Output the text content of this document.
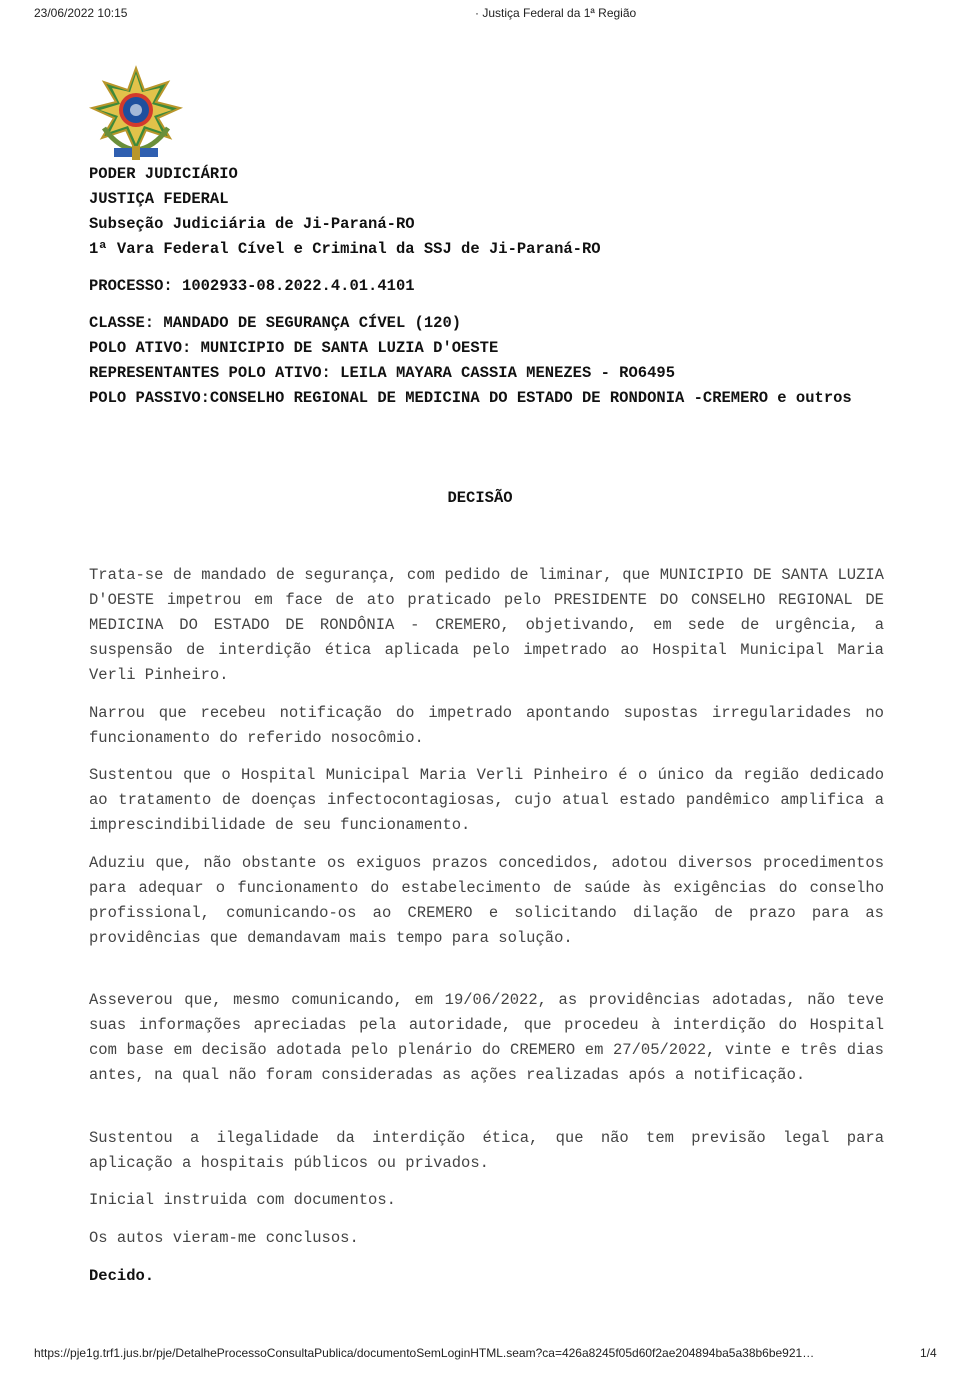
23/06/2022 10:15	· Justiça Federal da 1ª Região
PODER JUDICIÁRIO
JUSTIÇA FEDERAL
Subseção Judiciária de Ji-Paraná-RO
1ª Vara Federal Cível e Criminal da SSJ de Ji-Paraná-RO
PROCESSO: 1002933-08.2022.4.01.4101
CLASSE: MANDADO DE SEGURANÇA CÍVEL (120)
POLO ATIVO: MUNICIPIO DE SANTA LUZIA D'OESTE
REPRESENTANTES POLO ATIVO: LEILA MAYARA CASSIA MENEZES - RO6495
POLO PASSIVO:CONSELHO REGIONAL DE MEDICINA DO ESTADO DE RONDONIA -CREMERO e outros
DECISÃO

Trata-se de mandado de segurança, com pedido de liminar, que MUNICIPIO DE SANTA LUZIA D'OESTE impetrou em face de ato praticado pelo PRESIDENTE DO CONSELHO REGIONAL DE MEDICINA DO ESTADO DE RONDÔNIA - CREMERO, objetivando, em sede de urgência, a suspensão de interdição ética aplicada pelo impetrado ao Hospital Municipal Maria Verli Pinheiro.

Narrou que recebeu notificação do impetrado apontando supostas irregularidades no funcionamento do referido nosocômio.

Sustentou que o Hospital Municipal Maria Verli Pinheiro é o único da região dedicado ao tratamento de doenças infectocontagiosas, cujo atual estado pandêmico amplifica a imprescindibilidade de seu funcionamento.

Aduziu que, não obstante os exiguos prazos concedidos, adotou diversos procedimentos para adequar o funcionamento do estabelecimento de saúde às exigências do conselho profissional, comunicando-os ao CREMERO e solicitando dilação de prazo para as providências que demandavam mais tempo para solução.

Asseverou que, mesmo comunicando, em 19/06/2022, as providências adotadas, não teve suas informações apreciadas pela autoridade, que procedeu à interdição do Hospital com base em decisão adotada pelo plenário do CREMERO em 27/05/2022, vinte e três dias antes, na qual não foram consideradas as ações realizadas após a notificação.

Sustentou a ilegalidade da interdição ética, que não tem previsão legal para aplicação a hospitais públicos ou privados.

Inicial instruida com documentos.

Os autos vieram-me conclusos.

Decido.

https://pje1g.trf1.jus.br/pje/DetalheProcessoConsultaPublica/documentoSemLoginHTML.seam?ca=426a8245f05d60f2ae204894ba5a38b6be921…	1/4
